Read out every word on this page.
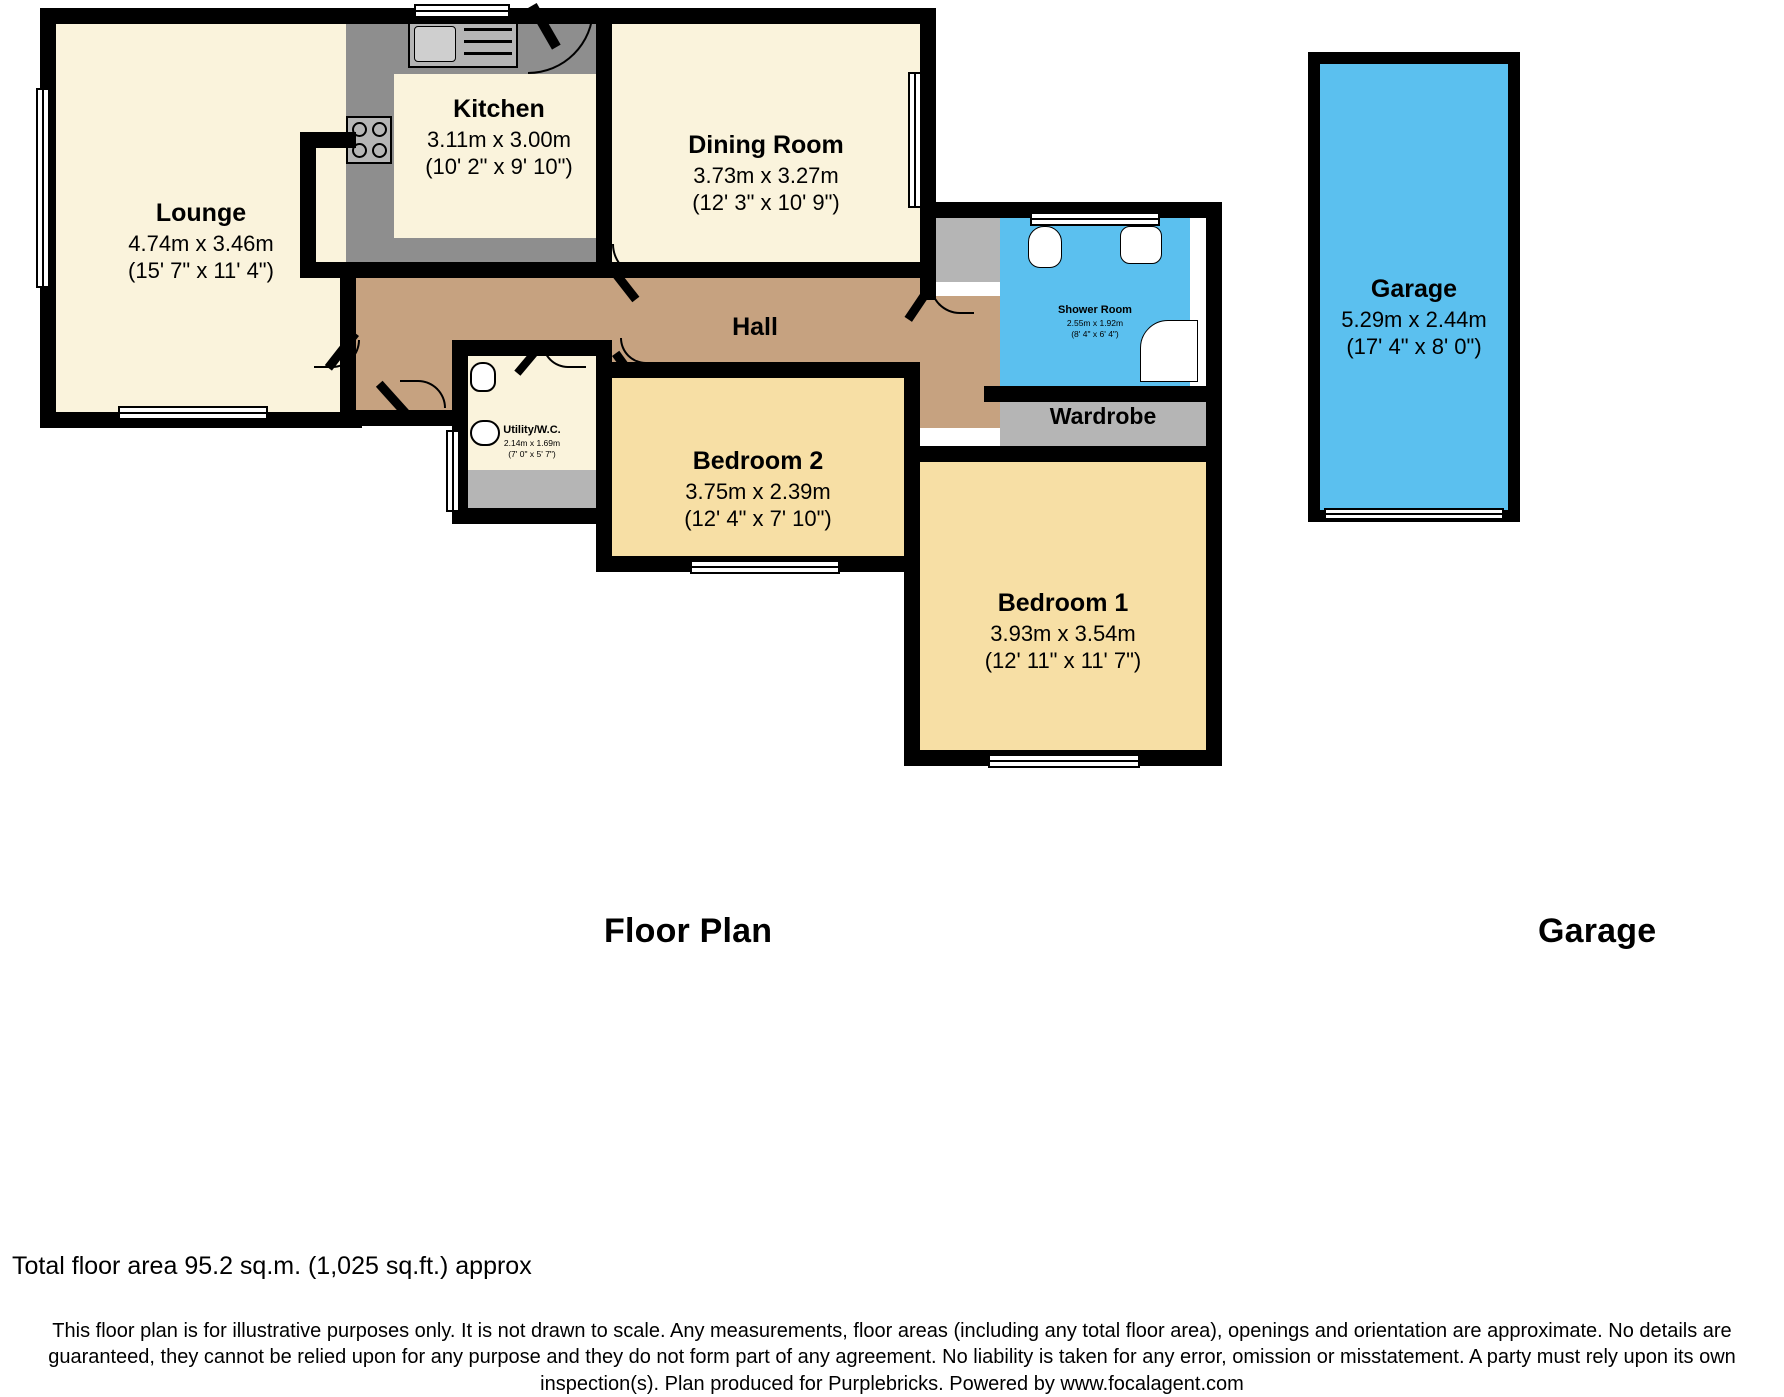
Lounge
4.74m x 3.46m
(15' 7" x 11' 4")
Kitchen
3.11m x 3.00m
(10' 2" x 9' 10")
Dining Room
3.73m x 3.27m
(12' 3" x 10' 9")
Hall
Utility/W.C.
2.14m x 1.69m
(7' 0" x 5' 7")
Shower Room
2.55m x 1.92m
(8' 4" x 6' 4")
Wardrobe
Bedroom 2
3.75m x 2.39m
(12' 4" x 7' 10")
Bedroom 1
3.93m x 3.54m
(12' 11" x 11' 7")
Garage
5.29m x 2.44m
(17' 4" x 8' 0")
Floor Plan	Garage
Total floor area 95.2 sq.m. (1,025 sq.ft.) approx
This floor plan is for illustrative purposes only. It is not drawn to scale. Any measurements, floor areas (including any total floor area), openings and orientation are approximate. No details are guaranteed, they cannot be relied upon for any purpose and they do not form part of any agreement. No liability is taken for any error, omission or misstatement. A party must rely upon its own inspection(s). Plan produced for Purplebricks. Powered by www.focalagent.com
